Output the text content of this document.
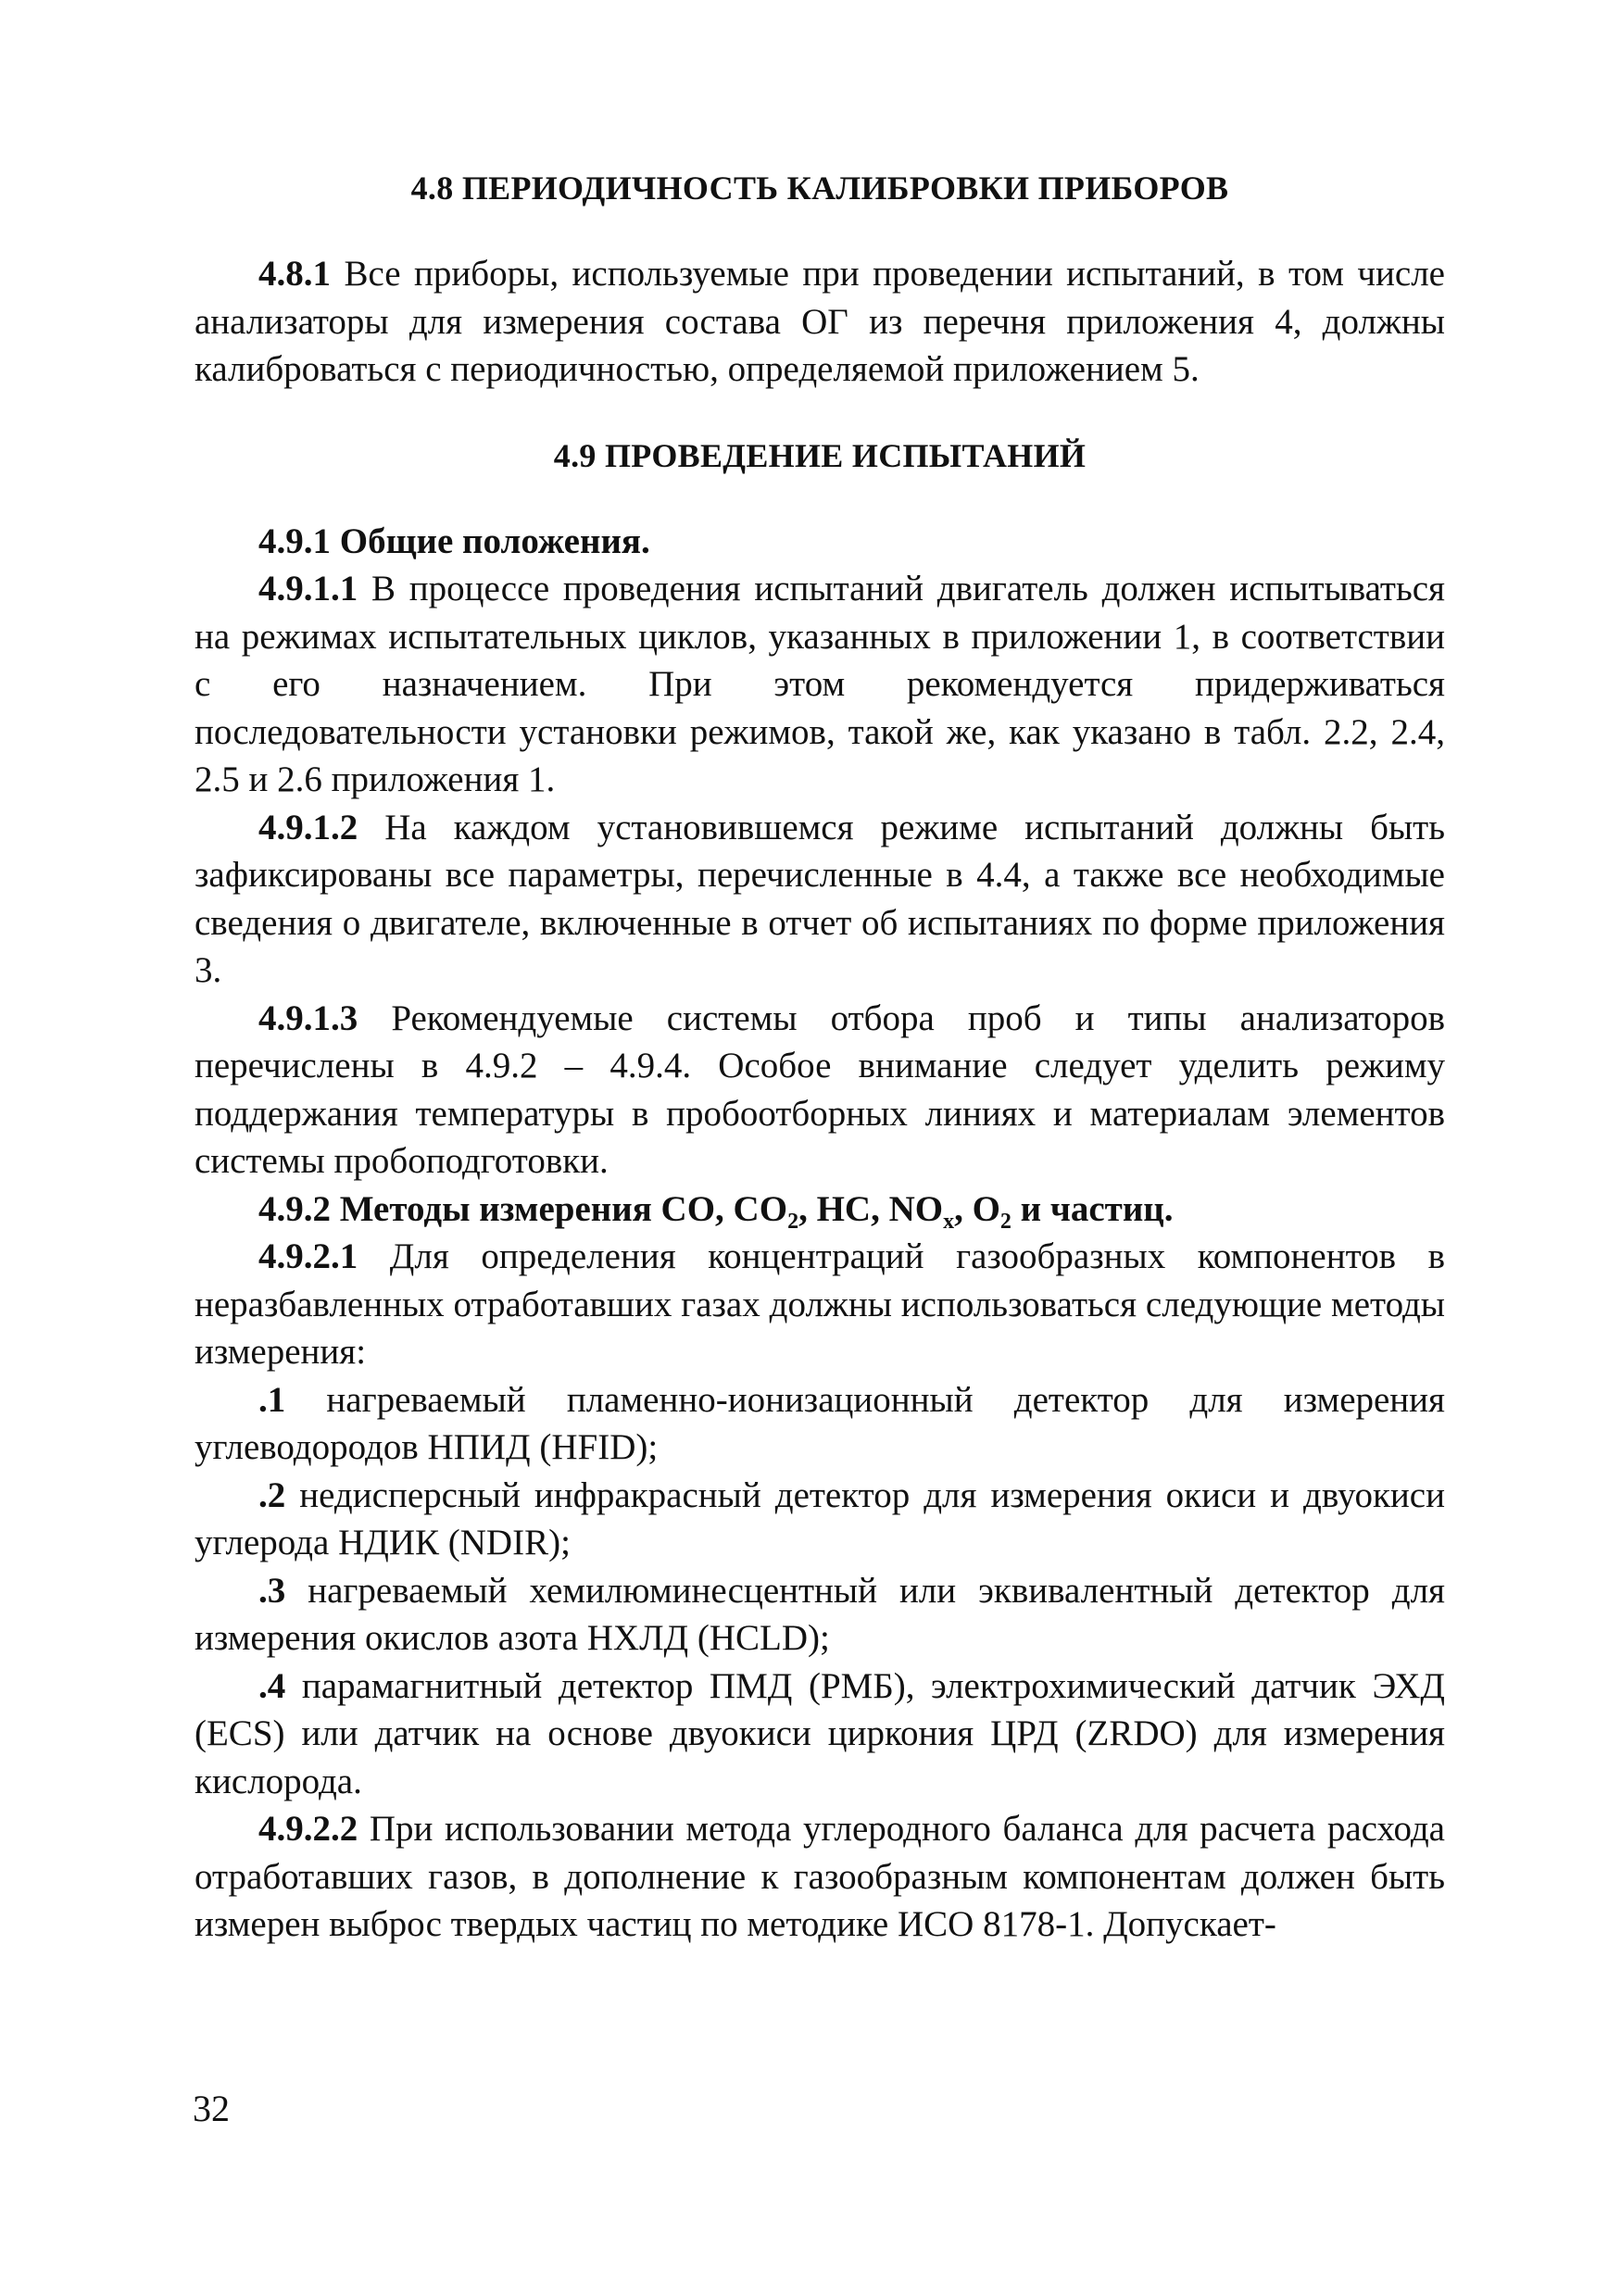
4.8 ПЕРИОДИЧНОСТЬ КАЛИБРОВКИ ПРИБОРОВ

4.8.1 Все приборы, используемые при проведении испытаний, в том числе анализаторы для измерения состава ОГ из перечня приложения 4, должны калиброваться с периодичностью, определяемой приложением 5.

4.9 ПРОВЕДЕНИЕ ИСПЫТАНИЙ

4.9.1 Общие положения.

4.9.1.1 В процессе проведения испытаний двигатель должен испытываться на режимах испытательных циклов, указанных в приложении 1, в соответствии с его назначением. При этом рекомендуется придерживаться последовательности установки режимов, такой же, как указано в табл. 2.2, 2.4, 2.5 и 2.6 приложения 1.

4.9.1.2 На каждом установившемся режиме испытаний должны быть зафиксированы все параметры, перечисленные в 4.4, а также все необходимые сведения о двигателе, включенные в отчет об испытаниях по форме приложения 3.

4.9.1.3 Рекомендуемые системы отбора проб и типы анализаторов перечислены в 4.9.2 – 4.9.4. Особое внимание следует уделить режиму поддержания температуры в пробоотборных линиях и материалам элементов системы пробоподготовки.

4.9.2 Методы измерения СО, $СО_2$, НС, $NO_x$, $O_2$ и частиц.

4.9.2.1 Для определения концентраций газообразных компонентов в неразбавленных отработавших газах должны использоваться следующие методы измерения:

.1 нагреваемый пламенно-ионизационный детектор для измерения углеводородов НПИД (HFID);

.2 недисперсный инфракрасный детектор для измерения окиси и двуокиси углерода НДИК (NDIR);

.3 нагреваемый хемилюминесцентный или эквивалентный детектор для измерения окислов азота НХЛД (HCLD);

.4 парамагнитный детектор ПМД (РМБ), электрохимический датчик ЭХД (ECS) или датчик на основе двуокиси циркония ЦРД (ZRDO) для измерения кислорода.

4.9.2.2 При использовании метода углеродного баланса для расчета расхода отработавших газов, в дополнение к газообразным компонентам должен быть измерен выброс твердых частиц по методике ИСО 8178-1. Допускает-

32
